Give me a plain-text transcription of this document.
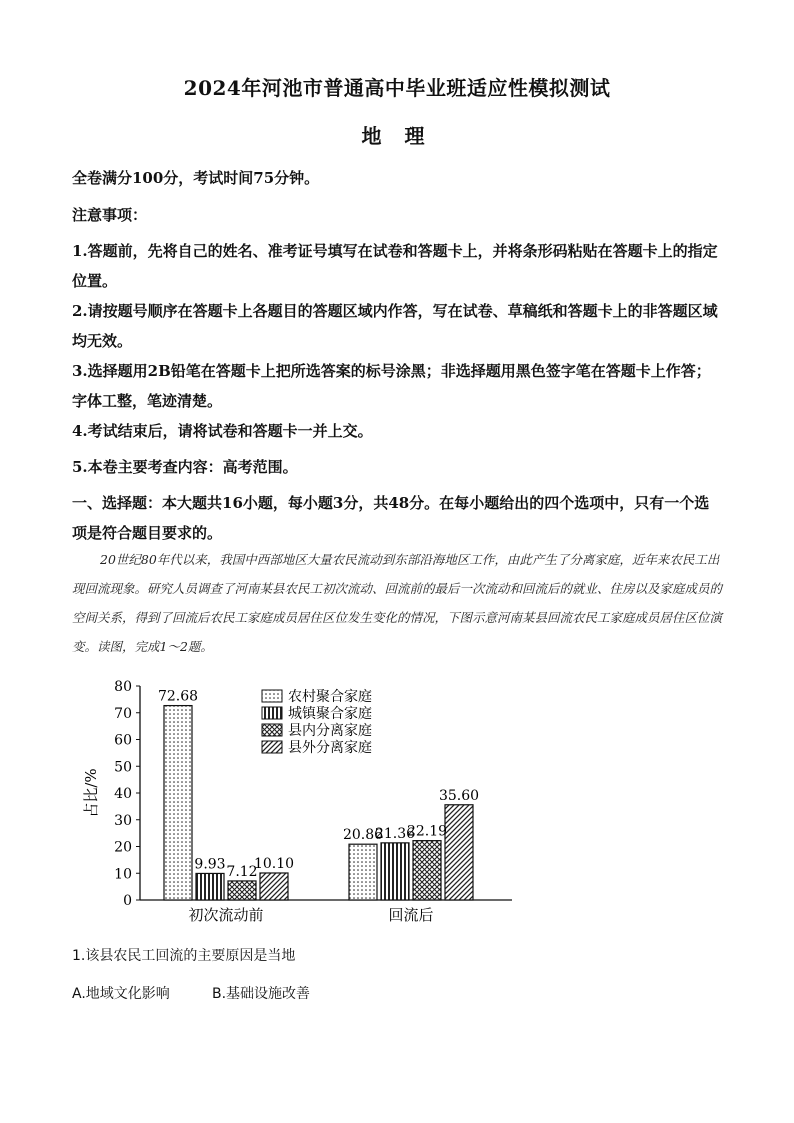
2024年河池市普通高中毕业班适应性模拟测试
地 理
全卷满分100分，考试时间75分钟。
注意事项：
1.答题前，先将自己的姓名、准考证号填写在试卷和答题卡上，并将条形码粘贴在答题卡上的指定位置。
2.请按题号顺序在答题卡上各题目的答题区域内作答，写在试卷、草稿纸和答题卡上的非答题区域均无效。
3.选择题用2B铅笔在答题卡上把所选答案的标号涂黑；非选择题用黑色签字笔在答题卡上作答；字体工整，笔迹清楚。
4.考试结束后，请将试卷和答题卡一并上交。
5.本卷主要考查内容：高考范围。
一、选择题：本大题共16小题，每小题3分，共48分。在每小题给出的四个选项中，只有一个选项是符合题目要求的。
20世纪80年代以来，我国中西部地区大量农民流动到东部沿海地区工作，由此产生了分离家庭，近年来农民工出现回流现象。研究人员调查了河南某县农民工初次流动、回流前的最后一次流动和回流后的就业、住房以及家庭成员的空间关系，得到了回流后农民工家庭成员居住区位发生变化的情况，下图示意河南某县回流农民工家庭成员居住区位演变。读图，完成1～2题。
0
10
20
30
40
50
60
70
80
占比/%
72.68
9.93 7.12
10.10
初次流动前
20.86
21.36
22.19
35.60
回流后
农村聚合家庭
城镇聚合家庭
县内分离家庭
县外分离家庭
1.该县农民工回流的主要原因是当地
A.地域文化影响	B.基础设施改善
